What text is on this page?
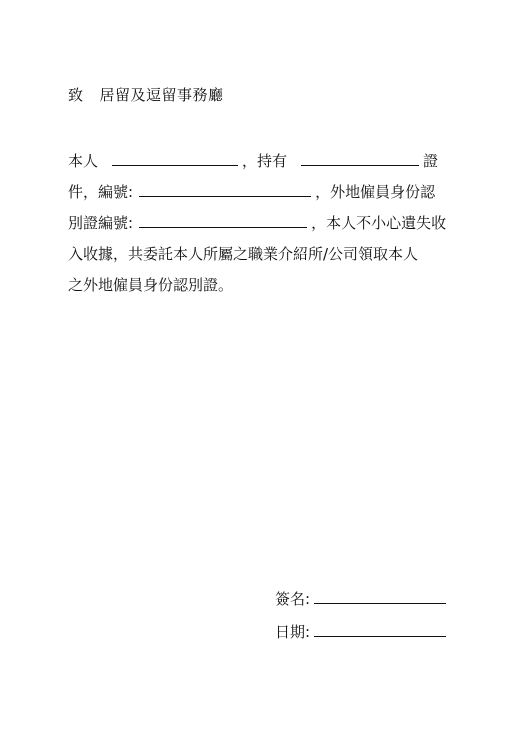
致 居留及逗留事務廳
本人	，持有	證
件，編號:	，外地僱員身份認
別證編號:	，本人不小心遺失收
入收據，共委託本人所屬之職業介紹所/公司領取本人
之外地僱員身份認別證。
簽名:
日期:
